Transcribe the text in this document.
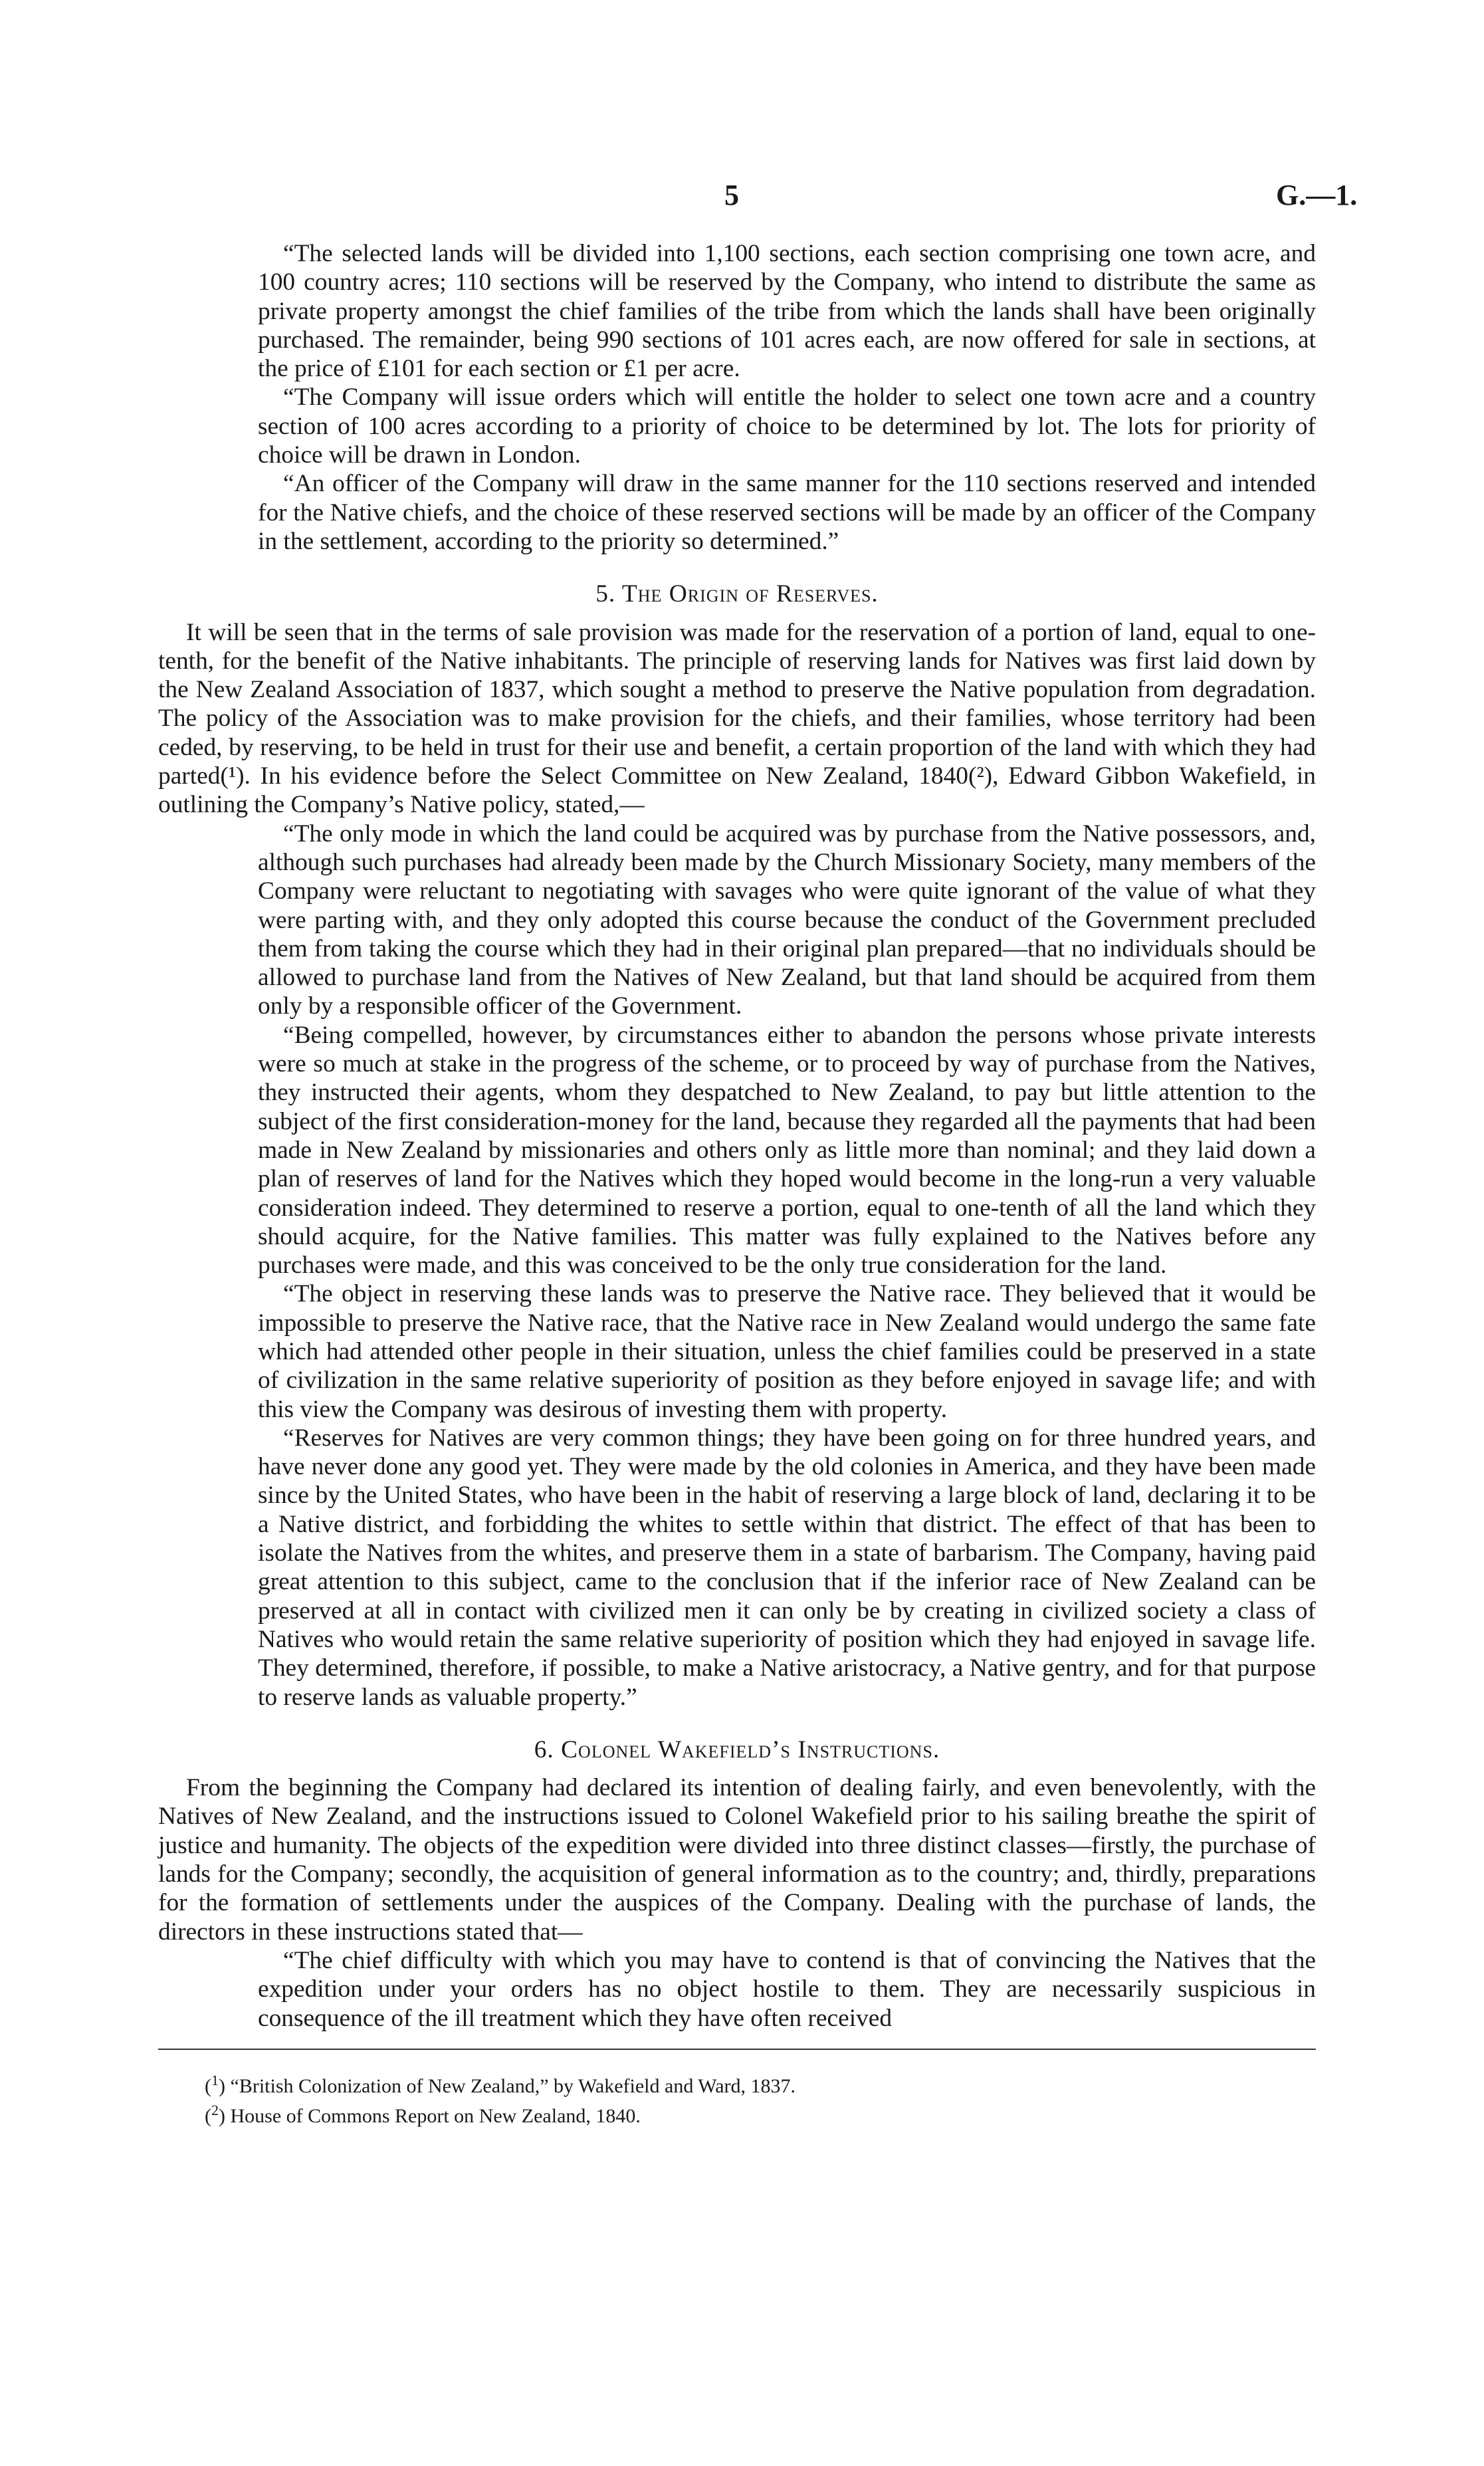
5	G.—1.

“The selected lands will be divided into 1,100 sections, each section comprising one town acre, and 100 country acres; 110 sections will be reserved by the Company, who intend to distribute the same as private property amongst the chief families of the tribe from which the lands shall have been originally purchased. The remainder, being 990 sections of 101 acres each, are now offered for sale in sections, at the price of £101 for each section or £1 per acre.

“The Company will issue orders which will entitle the holder to select one town acre and a country section of 100 acres according to a priority of choice to be determined by lot. The lots for priority of choice will be drawn in London.

“An officer of the Company will draw in the same manner for the 110 sections reserved and intended for the Native chiefs, and the choice of these reserved sections will be made by an officer of the Company in the settlement, according to the priority so determined.”

5. The Origin of Reserves.

It will be seen that in the terms of sale provision was made for the reservation of a portion of land, equal to one-tenth, for the benefit of the Native inhabitants. The principle of reserving lands for Natives was first laid down by the New Zealand Association of 1837, which sought a method to preserve the Native population from degradation. The policy of the Association was to make provision for the chiefs, and their families, whose territory had been ceded, by reserving, to be held in trust for their use and benefit, a certain proportion of the land with which they had parted(¹). In his evidence before the Select Committee on New Zealand, 1840(²), Edward Gibbon Wakefield, in outlining the Company’s Native policy, stated,—

“The only mode in which the land could be acquired was by purchase from the Native possessors, and, although such purchases had already been made by the Church Missionary Society, many members of the Company were reluctant to negotiating with savages who were quite ignorant of the value of what they were parting with, and they only adopted this course because the conduct of the Government precluded them from taking the course which they had in their original plan prepared—that no individuals should be allowed to purchase land from the Natives of New Zealand, but that land should be acquired from them only by a responsible officer of the Government.

“Being compelled, however, by circumstances either to abandon the persons whose private interests were so much at stake in the progress of the scheme, or to proceed by way of purchase from the Natives, they instructed their agents, whom they despatched to New Zealand, to pay but little attention to the subject of the first consideration-money for the land, because they regarded all the payments that had been made in New Zealand by missionaries and others only as little more than nominal; and they laid down a plan of reserves of land for the Natives which they hoped would become in the long-run a very valuable consideration indeed. They determined to reserve a portion, equal to one-tenth of all the land which they should acquire, for the Native families. This matter was fully explained to the Natives before any purchases were made, and this was conceived to be the only true consideration for the land.

“The object in reserving these lands was to preserve the Native race. They believed that it would be impossible to preserve the Native race, that the Native race in New Zealand would undergo the same fate which had attended other people in their situation, unless the chief families could be preserved in a state of civilization in the same relative superiority of position as they before enjoyed in savage life; and with this view the Company was desirous of investing them with property.

“Reserves for Natives are very common things; they have been going on for three hundred years, and have never done any good yet. They were made by the old colonies in America, and they have been made since by the United States, who have been in the habit of reserving a large block of land, declaring it to be a Native district, and forbidding the whites to settle within that district. The effect of that has been to isolate the Natives from the whites, and preserve them in a state of barbarism. The Company, having paid great attention to this subject, came to the conclusion that if the inferior race of New Zealand can be preserved at all in contact with civilized men it can only be by creating in civilized society a class of Natives who would retain the same relative superiority of position which they had enjoyed in savage life. They determined, therefore, if possible, to make a Native aristocracy, a Native gentry, and for that purpose to reserve lands as valuable property.”

6. Colonel Wakefield’s Instructions.

From the beginning the Company had declared its intention of dealing fairly, and even benevolently, with the Natives of New Zealand, and the instructions issued to Colonel Wakefield prior to his sailing breathe the spirit of justice and humanity. The objects of the expedition were divided into three distinct classes—firstly, the purchase of lands for the Company; secondly, the acquisition of general information as to the country; and, thirdly, preparations for the formation of settlements under the auspices of the Company. Dealing with the purchase of lands, the directors in these instructions stated that—

“The chief difficulty with which you may have to contend is that of convincing the Natives that the expedition under your orders has no object hostile to them. They are necessarily suspicious in consequence of the ill treatment which they have often received

($^1$) “British Colonization of New Zealand,” by Wakefield and Ward, 1837.

($^2$) House of Commons Report on New Zealand, 1840.
